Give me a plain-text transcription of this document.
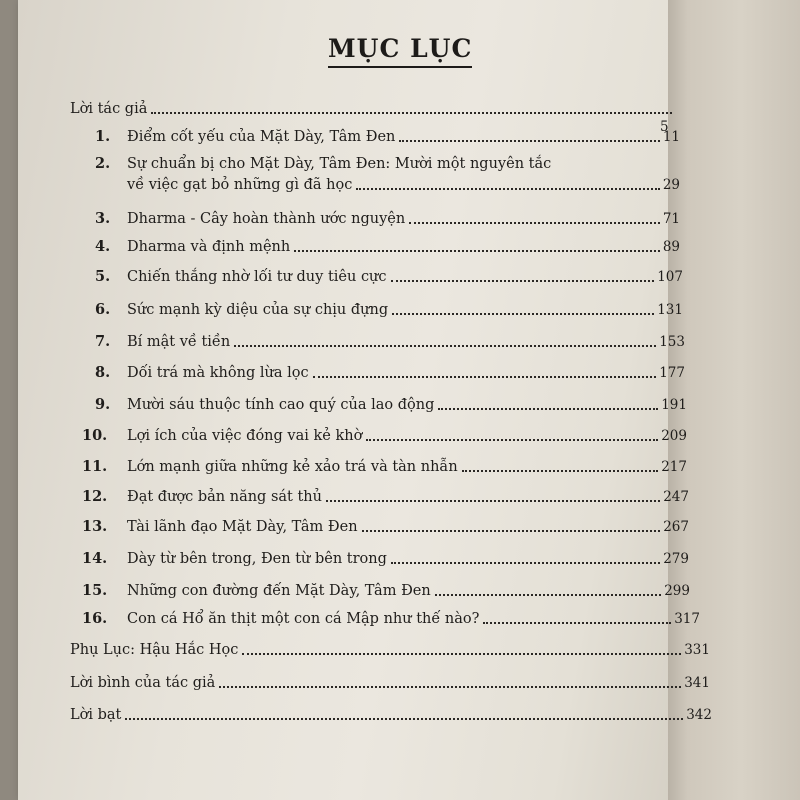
MỤC LỤC
Lời tác giả
5
1.	Điểm cốt yếu của Mặt Dày, Tâm Đen	11
2.	Sự chuẩn bị cho Mặt Dày, Tâm Đen: Mười một nguyên tắc
về việc gạt bỏ những gì đã học	29
3.	Dharma - Cây hoàn thành ước nguyện	71
4.	Dharma và định mệnh	89
5.	Chiến thắng nhờ lối tư duy tiêu cực	107
6.	Sức mạnh kỳ diệu của sự chịu đựng	131
7.	Bí mật về tiền	153
8.	Dối trá mà không lừa lọc	177
9.	Mười sáu thuộc tính cao quý của lao động	191
10.	Lợi ích của việc đóng vai kẻ khờ	209
11.	Lớn mạnh giữa những kẻ xảo trá và tàn nhẫn	217
12.	Đạt được bản năng sát thủ	247
13.	Tài lãnh đạo Mặt Dày, Tâm Đen	267
14.	Dày từ bên trong, Đen từ bên trong	279
15.	Những con đường đến Mặt Dày, Tâm Đen	299
16.	Con cá Hổ ăn thịt một con cá Mập như thế nào?	317
Phụ Lục: Hậu Hắc Học	331
Lời bình của tác giả	341
Lời bạt	342
